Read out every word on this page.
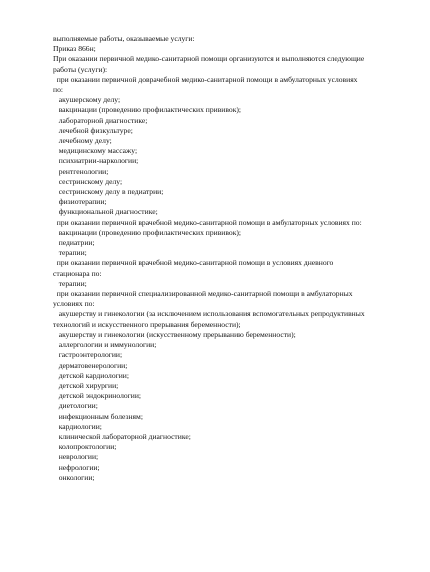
выполняемые работы, оказываемые услуги:
Приказ 866н;
При оказании первичной медико-санитарной помощи организуются и выполняются следующие
работы (услуги):
при оказании первичной доврачебной медико-санитарной помощи в амбулаторных условиях
по:
акушерскому делу;
вакцинации (проведению профилактических прививок);
лабораторной диагностике;
лечебной физкультуре;
лечебному делу;
медицинскому массажу;
психиатрии-наркологии;
рентгенологии;
сестринскому делу;
сестринскому делу в педиатрии;
физиотерапии;
функциональной диагностике;
при оказании первичной врачебной медико-санитарной помощи в амбулаторных условиях по:
вакцинации (проведению профилактических прививок);
педиатрии;
терапии;
при оказании первичной врачебной медико-санитарной помощи в условиях дневного
стационара по:
терапии;
при оказании первичной специализированной медико-санитарной помощи в амбулаторных
условиях по:
акушерству и гинекологии (за исключением использования вспомогательных репродуктивных
технологий и искусственного прерывания беременности);
акушерству и гинекологии (искусственному прерыванию беременности);
аллергологии и иммунологии;
гастроэнтерологии;
дерматовенерологии;
детской кардиологии;
детской хирургии;
детской эндокринологии;
диетологии;
инфекционным болезням;
кардиологии;
клинической лабораторной диагностике;
колопроктологии;
неврологии;
нефрологии;
онкологии;
